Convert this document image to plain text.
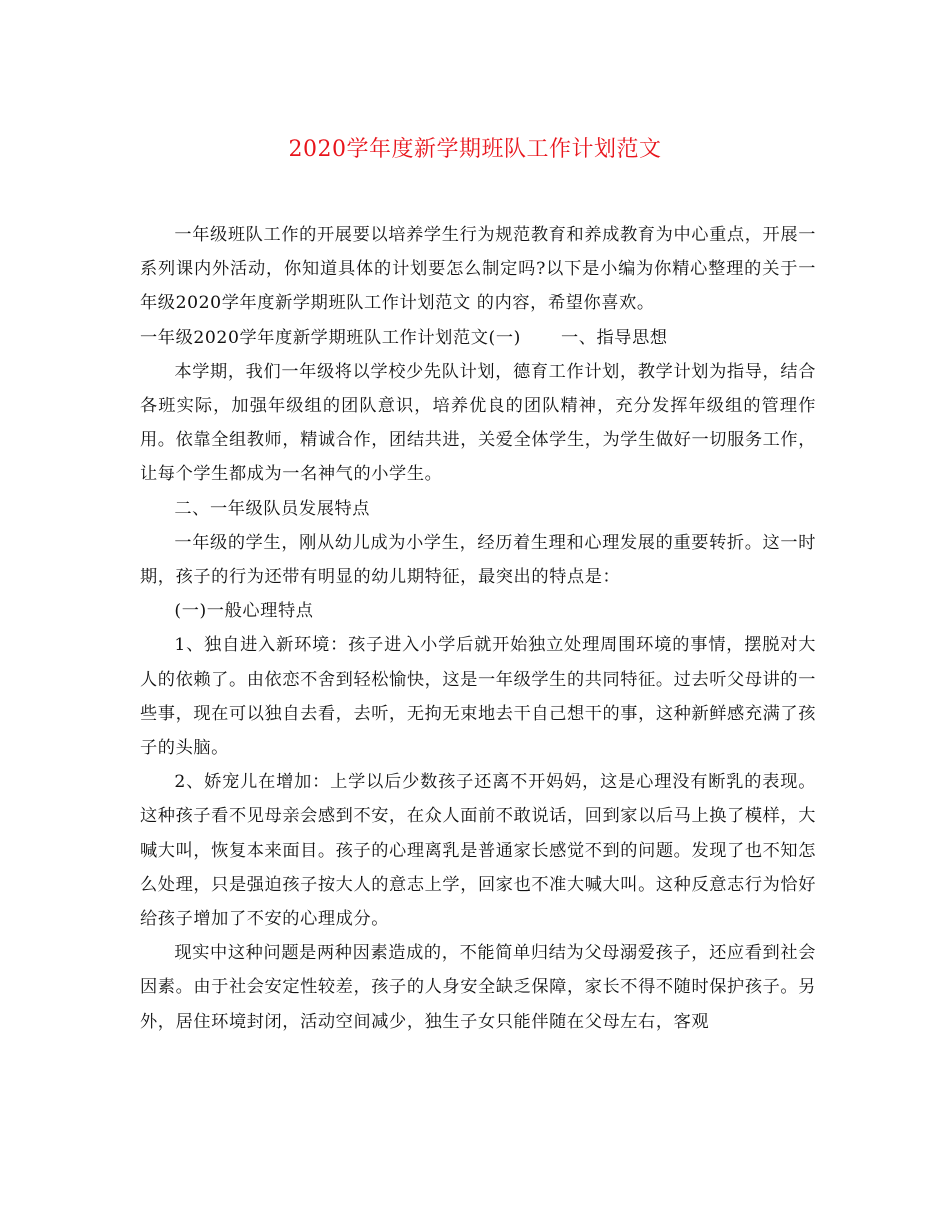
2020学年度新学期班队工作计划范文

一年级班队工作的开展要以培养学生行为规范教育和养成教育为中心重点，开展一系列课内外活动，你知道具体的计划要怎么制定吗?以下是小编为你精心整理的关于一年级2020学年度新学期班队工作计划范文 的内容，希望你喜欢。

一年级2020学年度新学期班队工作计划范文(一) 一、指导思想

本学期，我们一年级将以学校少先队计划，德育工作计划，教学计划为指导，结合各班实际，加强年级组的团队意识，培养优良的团队精神，充分发挥年级组的管理作用。依靠全组教师，精诚合作，团结共进，关爱全体学生，为学生做好一切服务工作，让每个学生都成为一名神气的小学生。

二、一年级队员发展特点

一年级的学生，刚从幼儿成为小学生，经历着生理和心理发展的重要转折。这一时期，孩子的行为还带有明显的幼儿期特征，最突出的特点是：

(一)一般心理特点

1、独自进入新环境：孩子进入小学后就开始独立处理周围环境的事情，摆脱对大人的依赖了。由依恋不舍到轻松愉快，这是一年级学生的共同特征。过去听父母讲的一些事，现在可以独自去看，去听，无拘无束地去干自己想干的事，这种新鲜感充满了孩子的头脑。

2、娇宠儿在增加：上学以后少数孩子还离不开妈妈，这是心理没有断乳的表现。这种孩子看不见母亲会感到不安，在众人面前不敢说话，回到家以后马上换了模样，大喊大叫，恢复本来面目。孩子的心理离乳是普通家长感觉不到的问题。发现了也不知怎么处理，只是强迫孩子按大人的意志上学，回家也不准大喊大叫。这种反意志行为恰好给孩子增加了不安的心理成分。

现实中这种问题是两种因素造成的，不能简单归结为父母溺爱孩子，还应看到社会因素。由于社会安定性较差，孩子的人身安全缺乏保障，家长不得不随时保护孩子。另外，居住环境封闭，活动空间减少，独生子女只能伴随在父母左右，客观
